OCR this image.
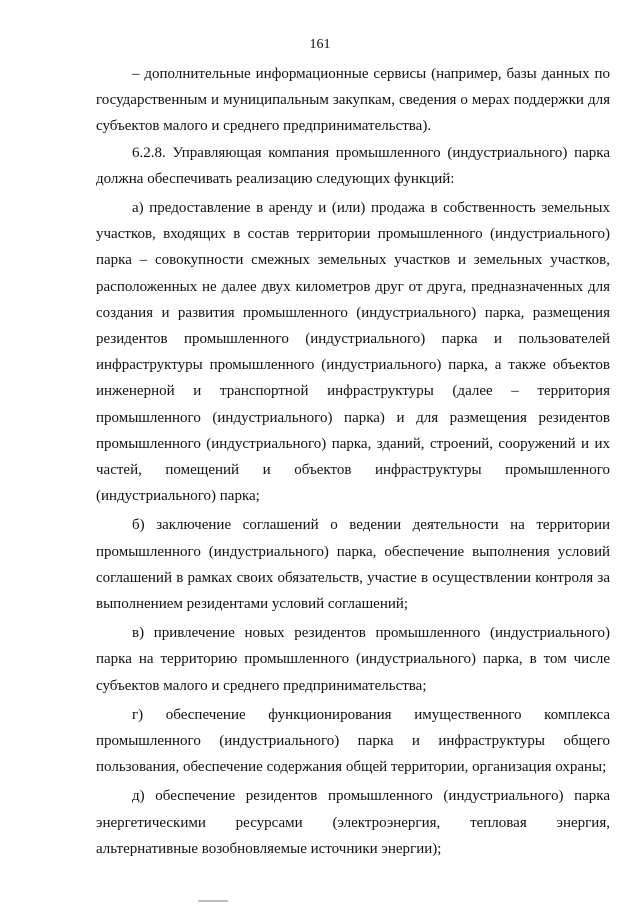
161

– дополнительные информационные сервисы (например, базы данных по государственным и муниципальным закупкам, сведения о мерах поддержки для субъектов малого и среднего предпринимательства).

6.2.8. Управляющая компания промышленного (индустриального) парка должна обеспечивать реализацию следующих функций:

а) предоставление в аренду и (или) продажа в собственность земельных участков, входящих в состав территории промышленного (индустриального) парка – совокупности смежных земельных участков и земельных участков, расположенных не далее двух километров друг от друга, предназначенных для создания и развития промышленного (индустриального) парка, размещения резидентов промышленного (индустриального) парка и пользователей инфраструктуры промышленного (индустриального) парка, а также объектов инженерной и транспортной инфраструктуры (далее – территория промышленного (индустриального) парка) и для размещения резидентов промышленного (индустриального) парка, зданий, строений, сооружений и их частей, помещений и объектов инфраструктуры промышленного (индустриального) парка;

б) заключение соглашений о ведении деятельности на территории промышленного (индустриального) парка, обеспечение выполнения условий соглашений в рамках своих обязательств, участие в осуществлении контроля за выполнением резидентами условий соглашений;

в) привлечение новых резидентов промышленного (индустриального) парка на территорию промышленного (индустриального) парка, в том числе субъектов малого и среднего предпринимательства;

г) обеспечение функционирования имущественного комплекса промышленного (индустриального) парка и инфраструктуры общего пользования, обеспечение содержания общей территории, организация охраны;

д) обеспечение резидентов промышленного (индустриального) парка энергетическими ресурсами (электроэнергия, тепловая энергия, альтернативные возобновляемые источники энергии);
